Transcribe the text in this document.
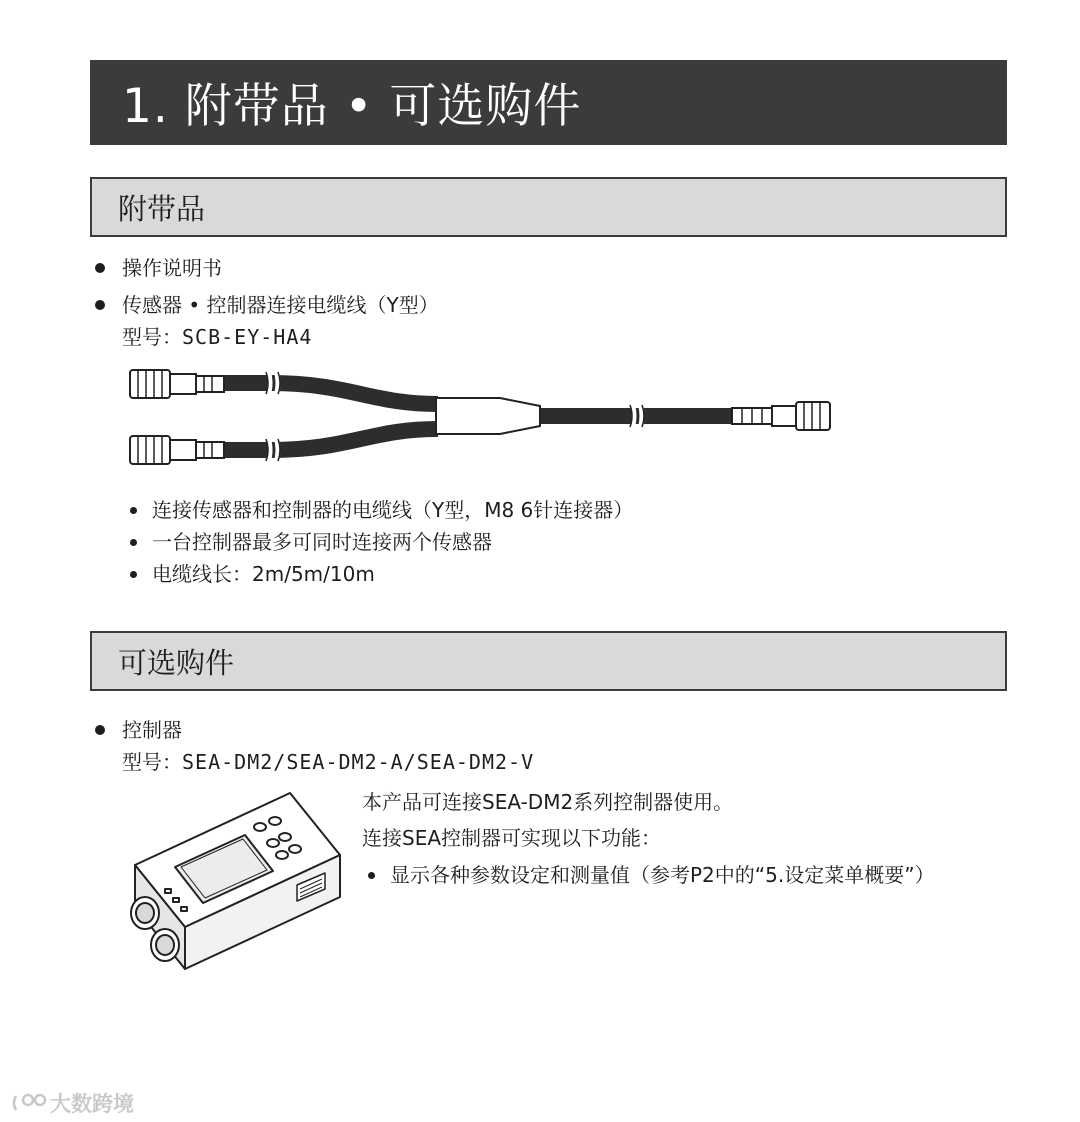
1. 附带品 • 可选购件
附带品
操作说明书
传感器 • 控制器连接电缆线（Y型）
型号：SCB-EY-HA4
连接传感器和控制器的电缆线（Y型，M8 6针连接器）
一台控制器最多可同时连接两个传感器
电缆线长：2m/5m/10m
可选购件
控制器
型号：SEA-DM2/SEA-DM2-A/SEA-DM2-V
本产品可连接SEA-DM2系列控制器使用。
连接SEA控制器可实现以下功能：
显示各种参数设定和测量值（参考P2中的“5.设定菜单概要”）
大数跨境
